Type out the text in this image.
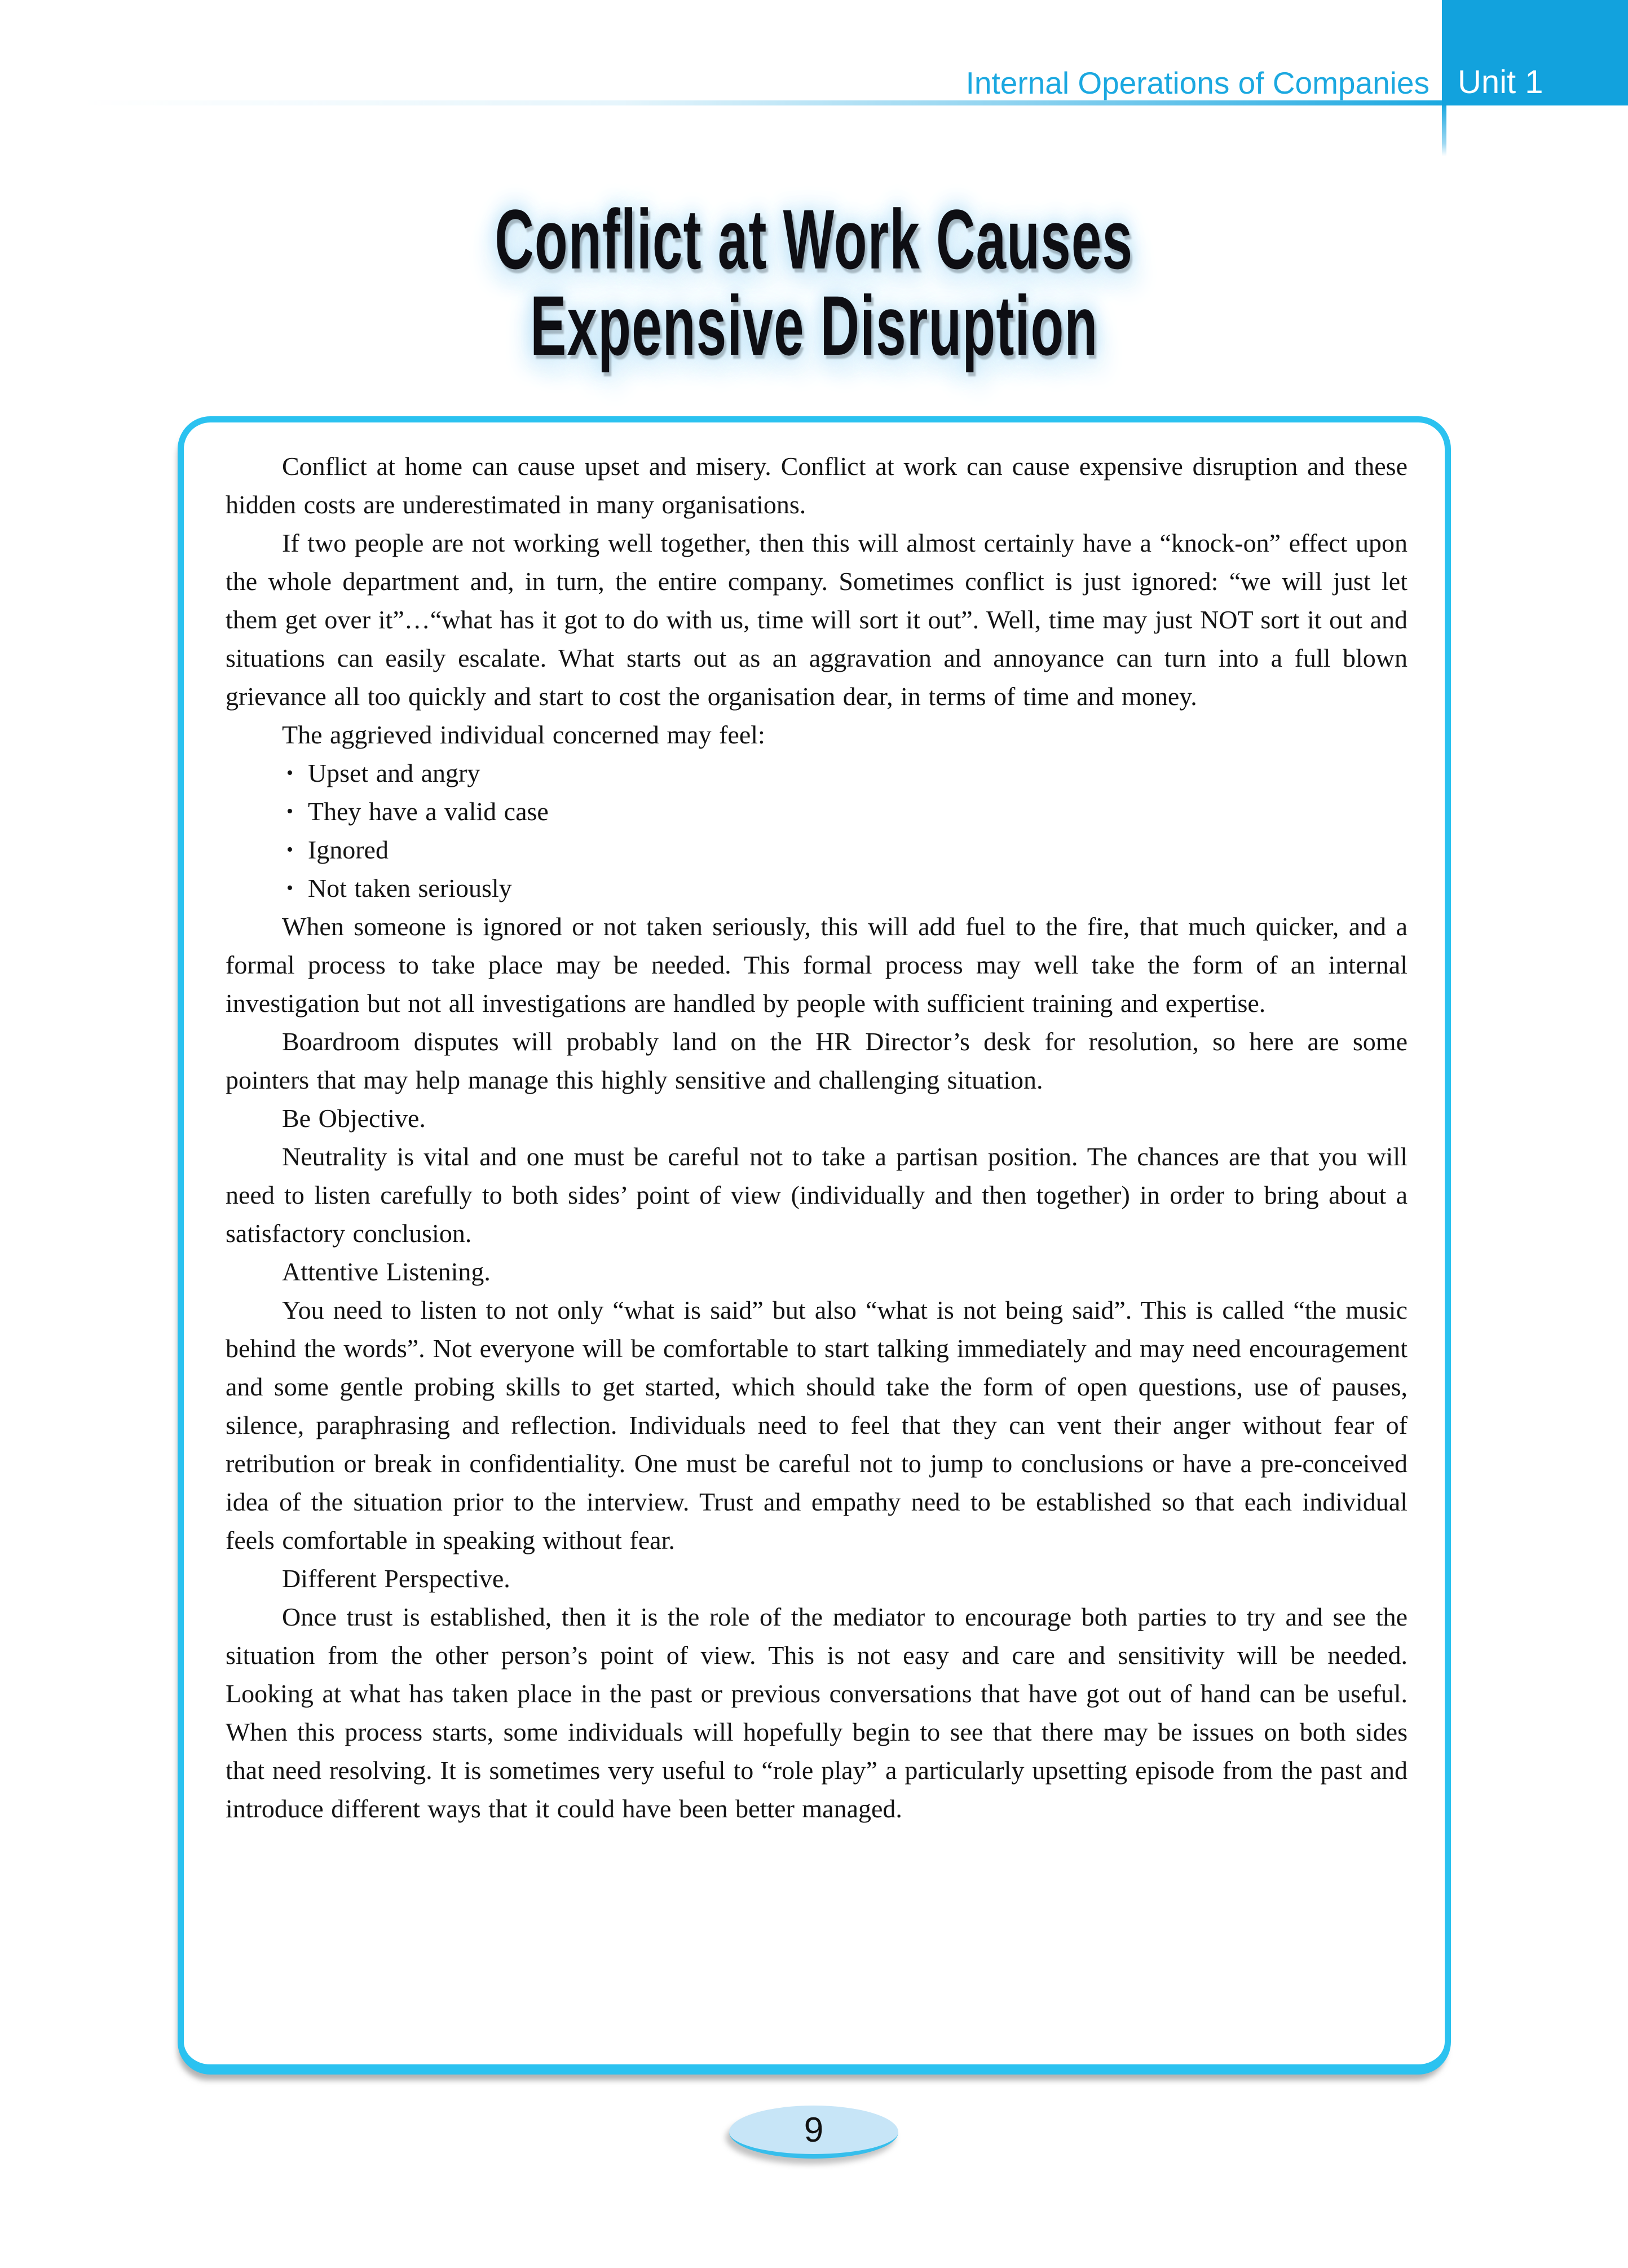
Internal Operations of Companies Unit 1
Conflict at Work Causes
Expensive Disruption

Conflict at home can cause upset and misery. Conflict at work can cause expensive disruption and these hidden costs are underestimated in many organisations.

If two people are not working well together, then this will almost certainly have a “knock-on” effect upon the whole department and, in turn, the entire company. Sometimes conflict is just ignored: “we will just let them get over it”…“what has it got to do with us, time will sort it out”. Well, time may just NOT sort it out and situations can easily escalate. What starts out as an aggravation and annoyance can turn into a full blown grievance all too quickly and start to cost the organisation dear, in terms of time and money.

The aggrieved individual concerned may feel:

• Upset and angry
• They have a valid case
• Ignored
• Not taken seriously

When someone is ignored or not taken seriously, this will add fuel to the fire, that much quicker, and a formal process to take place may be needed. This formal process may well take the form of an internal investigation but not all investigations are handled by people with sufficient training and expertise.

Boardroom disputes will probably land on the HR Director’s desk for resolution, so here are some pointers that may help manage this highly sensitive and challenging situation.

Be Objective.

Neutrality is vital and one must be careful not to take a partisan position. The chances are that you will need to listen carefully to both sides’ point of view (individually and then together) in order to bring about a satisfactory conclusion.

Attentive Listening.

You need to listen to not only “what is said” but also “what is not being said”. This is called “the music behind the words”. Not everyone will be comfortable to start talking immediately and may need encouragement and some gentle probing skills to get started, which should take the form of open questions, use of pauses, silence, paraphrasing and reflection. Individuals need to feel that they can vent their anger without fear of retribution or break in confidentiality. One must be careful not to jump to conclusions or have a pre-conceived idea of the situation prior to the interview. Trust and empathy need to be established so that each individual feels comfortable in speaking without fear.

Different Perspective.

Once trust is established, then it is the role of the mediator to encourage both parties to try and see the situation from the other person’s point of view. This is not easy and care and sensitivity will be needed. Looking at what has taken place in the past or previous conversations that have got out of hand can be useful. When this process starts, some individuals will hopefully begin to see that there may be issues on both sides that need resolving. It is sometimes very useful to “role play” a particularly upsetting episode from the past and introduce different ways that it could have been better managed.

9
